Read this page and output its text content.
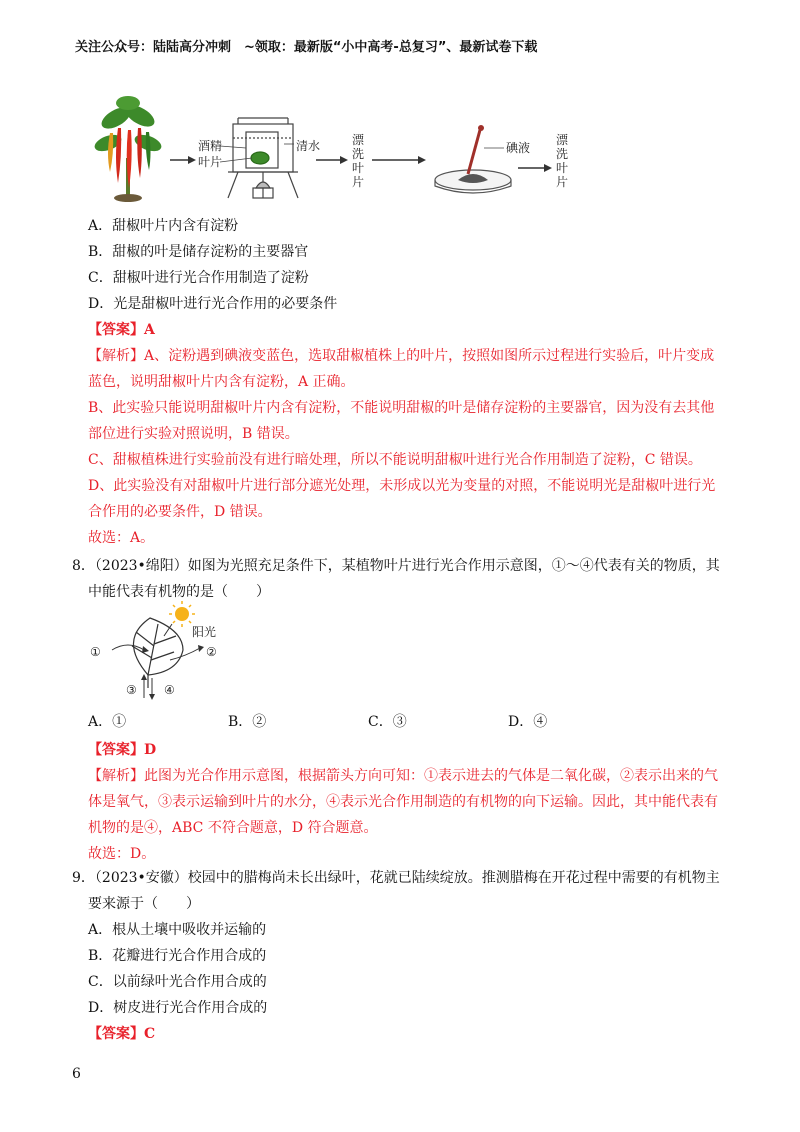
关注公众号：陆陆高分冲刺　~领取：最新版“小中高考-总复习”、最新试卷下载
酒精
叶片
清水	漂
洗
叶
片
碘液
漂
洗
叶
片
A．甜椒叶片内含有淀粉
B．甜椒的叶是储存淀粉的主要器官
C．甜椒叶进行光合作用制造了淀粉
D．光是甜椒叶进行光合作用的必要条件
【答案】A
【解析】A、淀粉遇到碘液变蓝色，选取甜椒植株上的叶片，按照如图所示过程进行实验后，叶片变成
蓝色，说明甜椒叶片内含有淀粉，A 正确。
B、此实验只能说明甜椒叶片内含有淀粉，不能说明甜椒的叶是储存淀粉的主要器官，因为没有去其他
部位进行实验对照说明，B 错误。
C、甜椒植株进行实验前没有进行暗处理，所以不能说明甜椒叶进行光合作用制造了淀粉，C 错误。
D、此实验没有对甜椒叶片进行部分遮光处理，未形成以光为变量的对照，不能说明光是甜椒叶进行光
合作用的必要条件，D 错误。
故选：A。
8．（2023•绵阳）如图为光照充足条件下，某植物叶片进行光合作用示意图，①～④代表有关的物质，其
中能代表有机物的是（　　）
阳光
①	②
③ ④
A．①	B．②	C．③	D．④
【答案】D
【解析】此图为光合作用示意图，根据箭头方向可知：①表示进去的气体是二氧化碳，②表示出来的气
体是氧气，③表示运输到叶片的水分，④表示光合作用制造的有机物的向下运输。因此，其中能代表有
机物的是④，ABC 不符合题意，D 符合题意。
故选：D。
9．（2023•安徽）校园中的腊梅尚未长出绿叶，花就已陆续绽放。推测腊梅在开花过程中需要的有机物主
要来源于（　　）
A．根从土壤中吸收并运输的
B．花瓣进行光合作用合成的
C．以前绿叶光合作用合成的
D．树皮进行光合作用合成的
【答案】C
6
